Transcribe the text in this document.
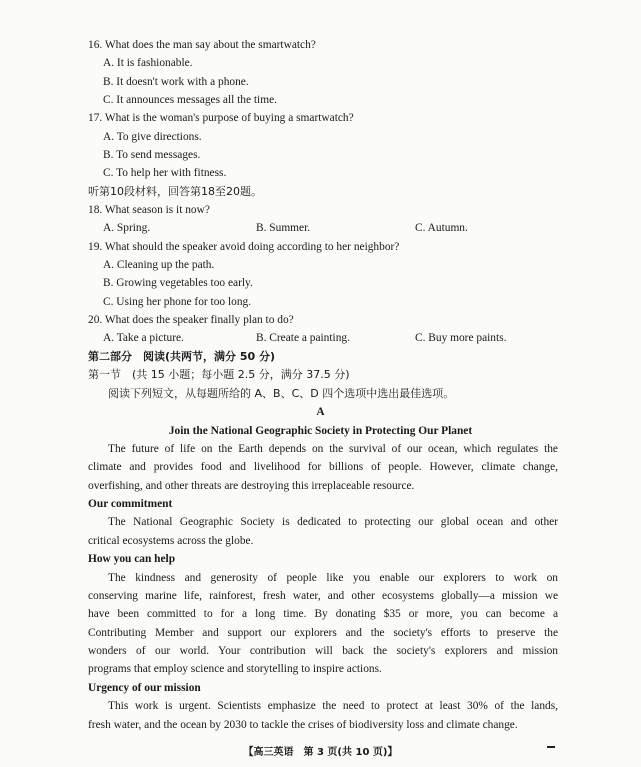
16. What does the man say about the smartwatch?
A. It is fashionable.
B. It doesn't work with a phone.
C. It announces messages all the time.
17. What is the woman's purpose of buying a smartwatch?
A. To give directions.
B. To send messages.
C. To help her with fitness.
听第10段材料，回答第18至20题。
18. What season is it now?
A. Spring.	B. Summer.	C. Autumn.
19. What should the speaker avoid doing according to her neighbor?
A. Cleaning up the path.
B. Growing vegetables too early.
C. Using her phone for too long.
20. What does the speaker finally plan to do?
A. Take a picture.	B. Create a painting.	C. Buy more paints.
第二部分　阅读(共两节，满分 50 分)
第一节　(共 15 小题；每小题 2.5 分，满分 37.5 分)
阅读下列短文，从每题所给的 A、B、C、D 四个选项中选出最佳选项。
A
Join the National Geographic Society in Protecting Our Planet
The future of life on the Earth depends on the survival of our ocean, which regulates the
climate and provides food and livelihood for billions of people. However, climate change,
overfishing, and other threats are destroying this irreplaceable resource.
Our commitment
The National Geographic Society is dedicated to protecting our global ocean and other
critical ecosystems across the globe.
How you can help
The kindness and generosity of people like you enable our explorers to work on
conserving marine life, rainforest, fresh water, and other ecosystems globally—a mission we
have been committed to for a long time. By donating $35 or more, you can become a
Contributing Member and support our explorers and the society's efforts to preserve the
wonders of our world. Your contribution will back the society's explorers and mission
programs that employ science and storytelling to inspire actions.
Urgency of our mission
This work is urgent. Scientists emphasize the need to protect at least 30% of the lands,
fresh water, and the ocean by 2030 to tackle the crises of biodiversity loss and climate change.
【高三英语　第 3 页(共 10 页)】
